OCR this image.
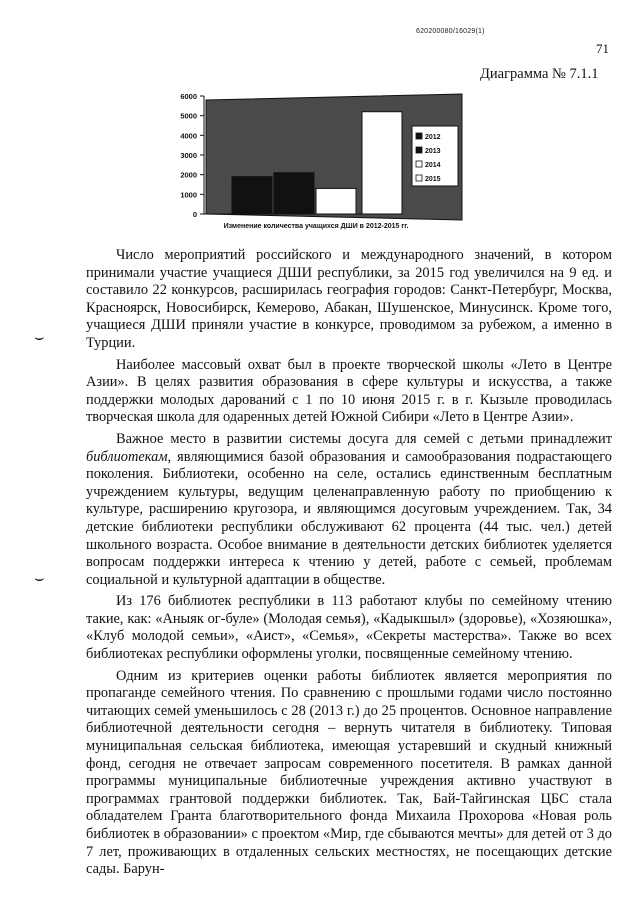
620200080/16029(1)
71
Диаграмма № 7.1.1
0
1000
2000
3000
4000
5000
6000
2012
2013
2014
2015
Изменение количества учащихся ДШИ в 2012-2015 гг.
⌣
⌣

Число мероприятий российского и международного значений, в котором принимали участие учащиеся ДШИ республики, за 2015 год увеличился на 9 ед. и составило 22 конкурсов, расширилась география городов: Санкт-Петербург, Москва, Красноярск, Новосибирск, Кемерово, Абакан, Шушенское, Минусинск. Кроме того, учащиеся ДШИ приняли участие в конкурсе, проводимом за рубежом, а именно в Турции.

Наиболее массовый охват был в проекте творческой школы «Лето в Центре Азии». В целях развития образования в сфере культуры и искусства, а также поддержки молодых дарований с 1 по 10 июня 2015 г. в г. Кызыле проводилась творческая школа для одаренных детей Южной Сибири «Лето в Центре Азии».

Важное место в развитии системы досуга для семей с детьми принадлежит библиотекам, являющимися базой образования и самообразования подрастающего поколения. Библиотеки, особенно на селе, остались единственным бесплатным учреждением культуры, ведущим целенаправленную работу по приобщению к культуре, расширению кругозора, и являющимся досуговым учреждением. Так, 34 детские библиотеки республики обслуживают 62 процента (44 тыс. чел.) детей школьного возраста. Особое внимание в деятельности детских библиотек уделяется вопросам поддержки интереса к чтению у детей, работе с семьей, проблемам социальной и культурной адаптации в обществе.

Из 176 библиотек республики в 113 работают клубы по семейному чтению такие, как: «Аныяк ог-буле» (Молодая семья), «Кадыкшыл» (здоровье), «Хозяюшка», «Клуб молодой семьи», «Аист», «Семья», «Секреты мастерства». Также во всех библиотеках республики оформлены уголки, посвященные семейному чтению.

Одним из критериев оценки работы библиотек является мероприятия по пропаганде семейного чтения. По сравнению с прошлыми годами число постоянно читающих семей уменьшилось с 28 (2013 г.) до 25 процентов. Основное направление библиотечной деятельности сегодня – вернуть читателя в библиотеку. Типовая муниципальная сельская библиотека, имеющая устаревший и скудный книжный фонд, сегодня не отвечает запросам современного посетителя. В рамках данной программы муниципальные библиотечные учреждения активно участвуют в программах грантовой поддержки библиотек. Так, Бай-Тайгинская ЦБС стала обладателем Гранта благотворительного фонда Михаила Прохорова «Новая роль библиотек в образовании» с проектом «Мир, где сбываются мечты» для детей от 3 до 7 лет, проживающих в отдаленных сельских местностях, не посещающих детские сады. Барун-
